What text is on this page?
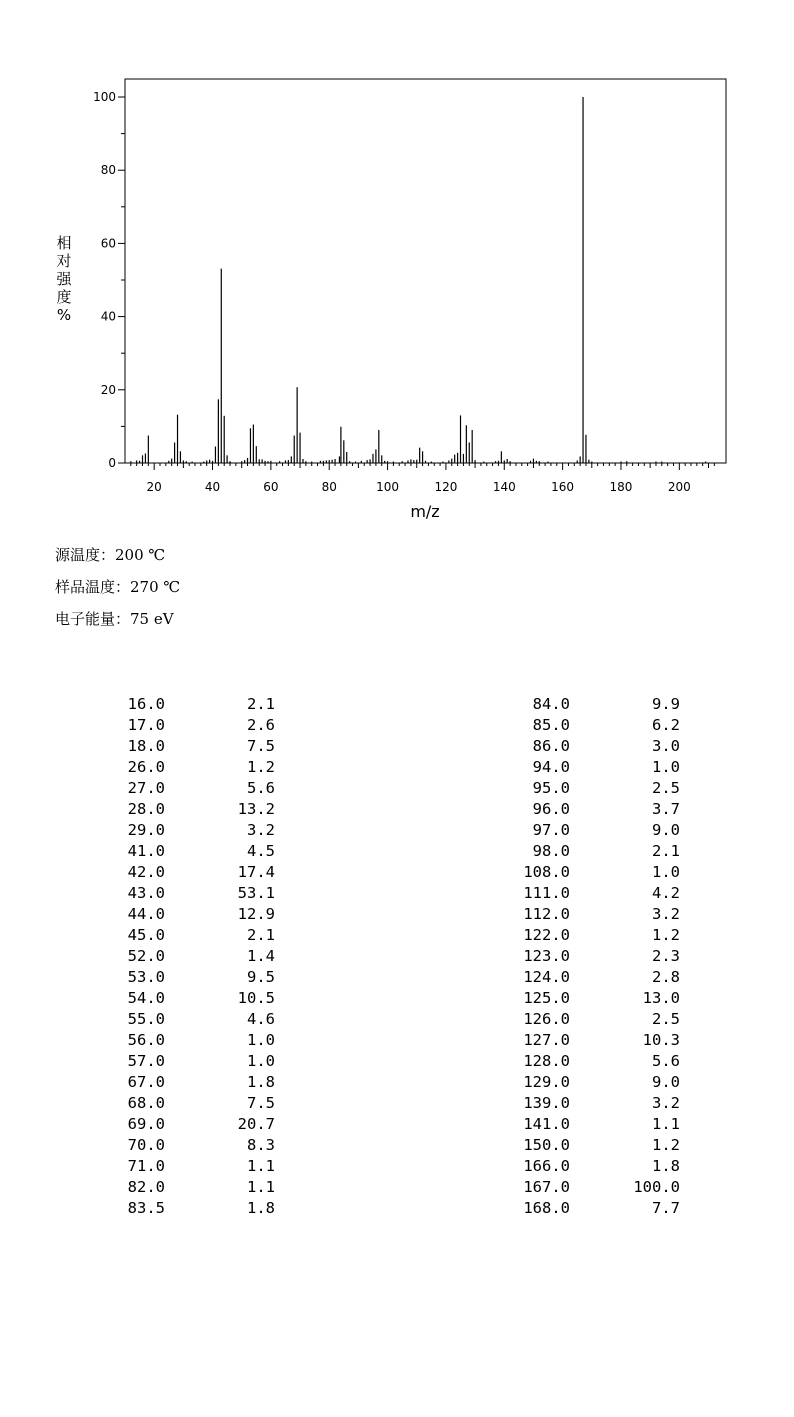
0
20
40
60
80
100
20	40	60	80	100	120	140	160	180	200
m/z
相对强度%
源温度：200 ℃
样品温度：270 ℃
电子能量：75 eV
16.0	2.1
17.0	2.6
18.0	7.5
26.0	1.2
27.0	5.6
28.0	13.2
29.0	3.2
41.0	4.5
42.0	17.4
43.0	53.1
44.0	12.9
45.0	2.1
52.0	1.4
53.0	9.5
54.0	10.5
55.0	4.6
56.0	1.0
57.0	1.0
67.0	1.8
68.0	7.5
69.0	20.7
70.0	8.3
71.0	1.1
82.0	1.1
83.5	1.8
84.0	9.9
85.0	6.2
86.0	3.0
94.0	1.0
95.0	2.5
96.0	3.7
97.0	9.0
98.0	2.1
108.0	1.0
111.0	4.2
112.0	3.2
122.0	1.2
123.0	2.3
124.0	2.8
125.0	13.0
126.0	2.5
127.0	10.3
128.0	5.6
129.0	9.0
139.0	3.2
141.0	1.1
150.0	1.2
166.0	1.8
167.0	100.0
168.0	7.7
